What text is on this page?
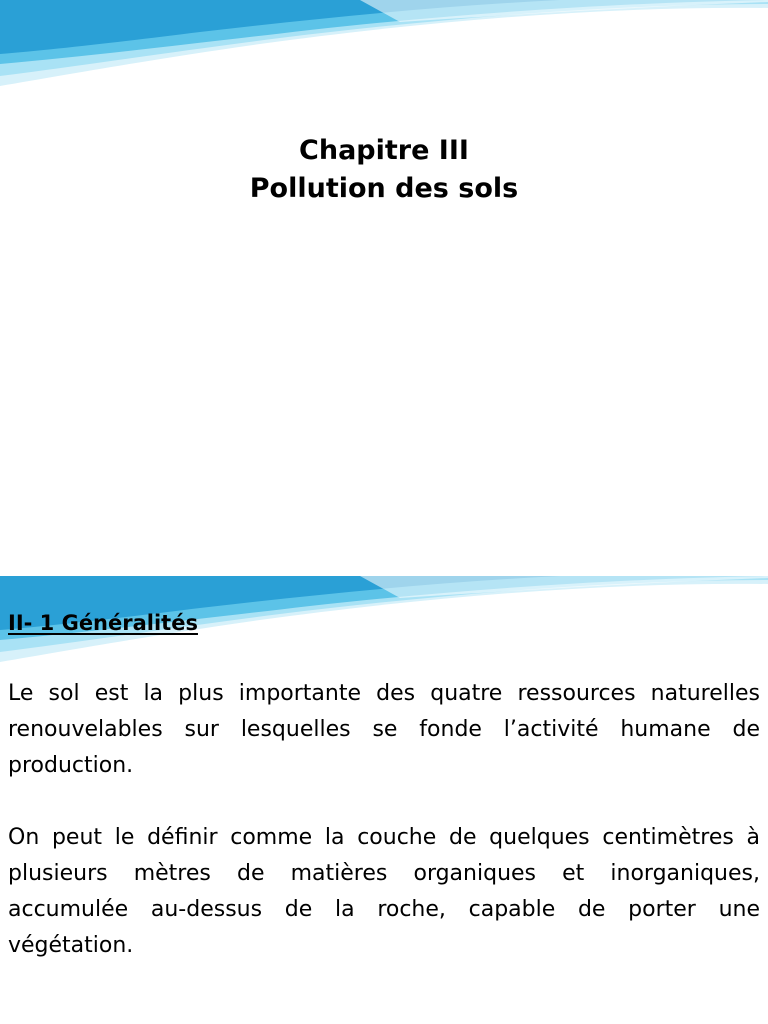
Chapitre III
Pollution des sols
II- 1 Généralités

Le sol est la plus importante des quatre ressources naturelles renouvelables sur lesquelles se fonde l’activité humane de production.

On peut le définir comme la couche de quelques centimètres à plusieurs mètres de matières organiques et inorganiques, accumulée au-dessus de la roche, capable de porter une végétation.
